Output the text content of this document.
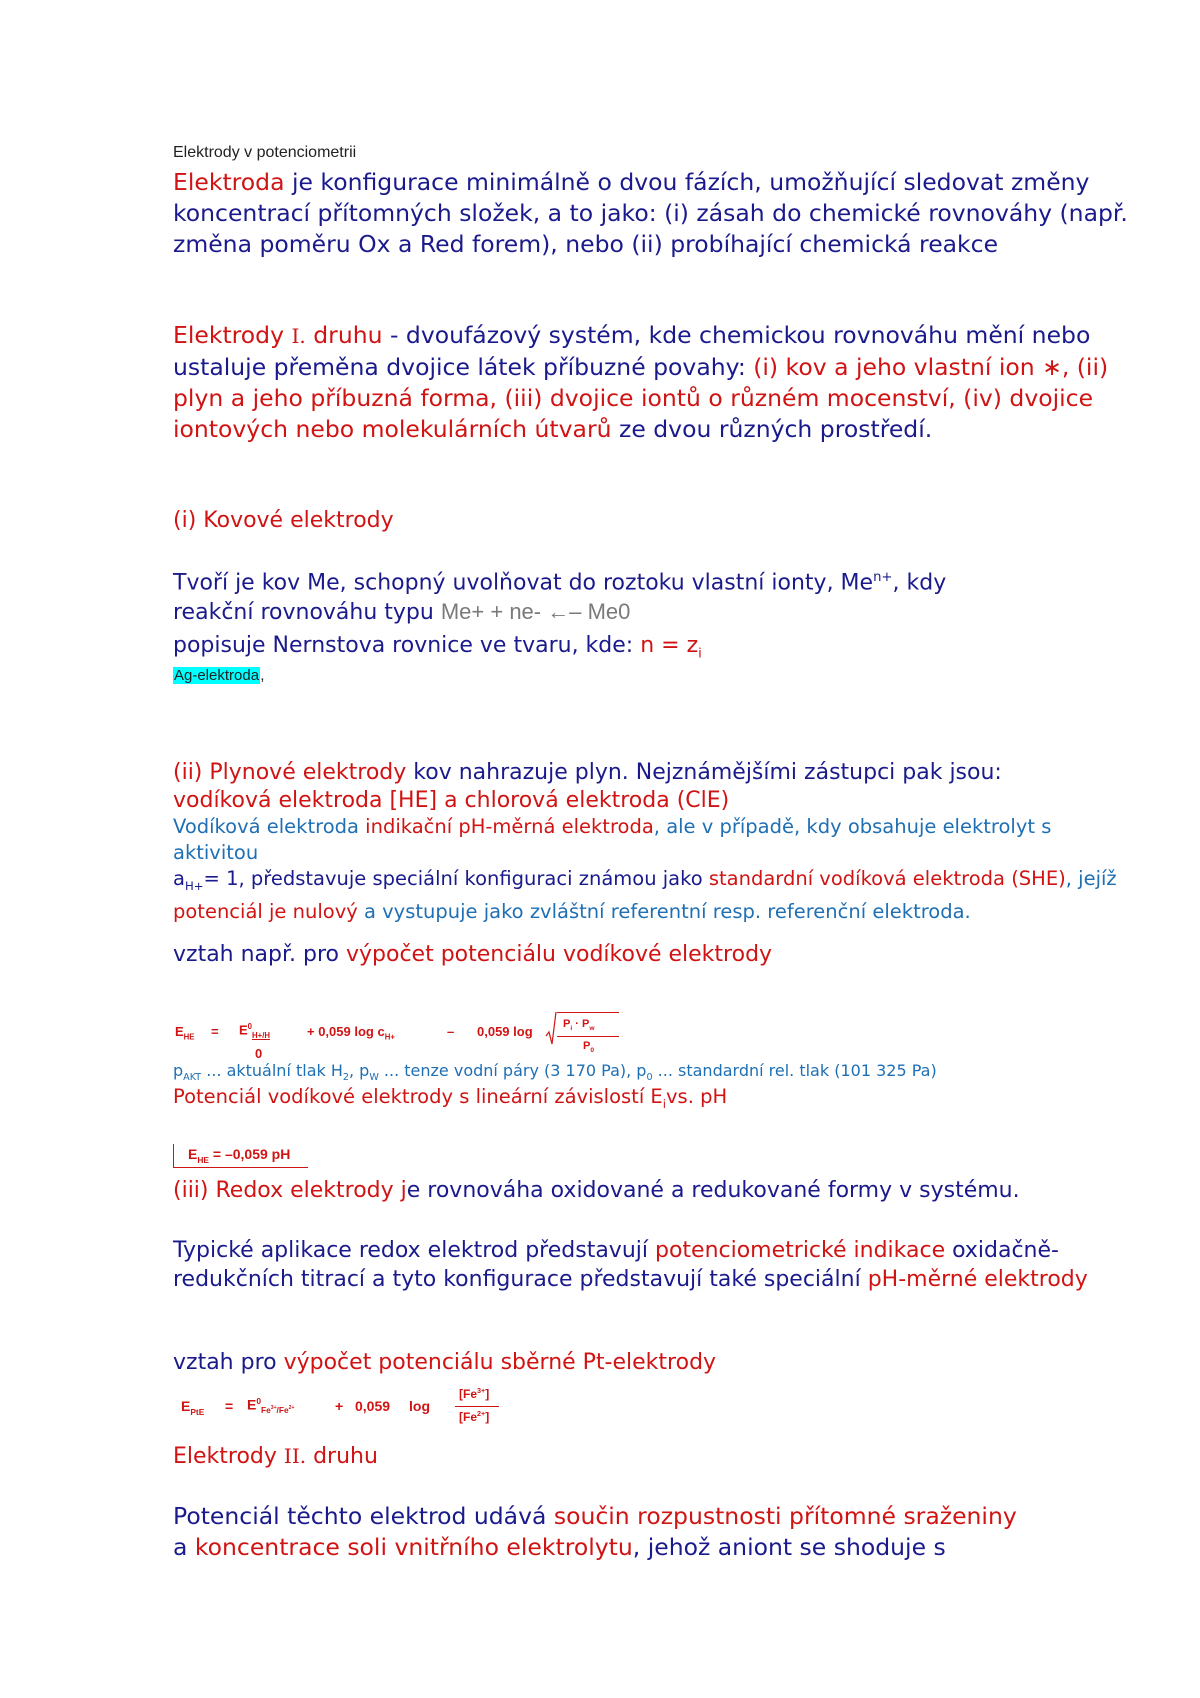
Elektrody v potenciometrii
Elektroda je konfigurace minimálně o dvou fázích, umožňující sledovat změny koncentrací přítomných složek, a to jako: (i) zásah do chemické rovnováhy (např. změna poměru Ox a Red forem), nebo (ii) probíhající chemická reakce
Elektrody I. druhu - dvoufázový systém, kde chemickou rovnováhu mění nebo ustaluje přeměna dvojice látek příbuzné povahy: (i) kov a jeho vlastní ion ∗, (ii) plyn a jeho příbuzná forma, (iii) dvojice iontů o různém mocenství, (iv) dvojice iontových nebo molekulárních útvarů ze dvou různých prostředí.
(i) Kovové elektrody
Tvoří je kov Me, schopný uvolňovat do roztoku vlastní ionty, $Me^{n+}$, kdy
reakční rovnováhu typu Me+ + ne- ←– Me0
popisuje Nernstova rovnice ve tvaru, kde: $n = z_i$
Ag-elektroda,
(ii) Plynové elektrody kov nahrazuje plyn. Nejznámějšími zástupci pak jsou:
vodíková elektroda [HE] a chlorová elektroda (ClE)
Vodíková elektroda indikační pH-měrná elektroda, ale v případě, kdy obsahuje elektrolyt s aktivitou
$a_{H+}= 1$, představuje speciální konfiguraci známou jako standardní vodíková elektroda (SHE), jejíž potenciál je nulový a vystupuje jako zvláštní referentní resp. referenční elektroda.
vztah např. pro výpočet potenciálu vodíkové elektrody
$E_{HE} = E^0_{H+/H}$
0
+ 0,059 $\log c_{H+}$	– 0,059 log	$P_i \cdot P_w$
$P_0$
$p_{AKT}$ ... aktuální tlak $H_2$, $p_W$ ... tenze vodní páry (3 170 Pa), $p_0$ ... standardní rel. tlak (101 325 Pa)
Potenciál vodíkové elektrody s lineární závislostí $E_ivs$. pH
$E_{HE} = -0,059$ pH
(iii) Redox elektrody je rovnováha oxidované a redukované formy v systému.
Typické aplikace redox elektrod představují potenciometrické indikace oxidačně-redukčních titrací a tyto konfigurace představují také speciální pH-měrné elektrody
vztah pro výpočet potenciálu sběrné Pt-elektrody
$E_{PtE} = E^0_{Fe^{3+}/Fe^{2+}}$	+ 0,059 log
$[Fe^{3+}]$
$[Fe^{2+}]$
Elektrody II. druhu
Potenciál těchto elektrod udává součin rozpustnosti přítomné sraženiny
a koncentrace soli vnitřního elektrolytu, jehož aniont se shoduje s
